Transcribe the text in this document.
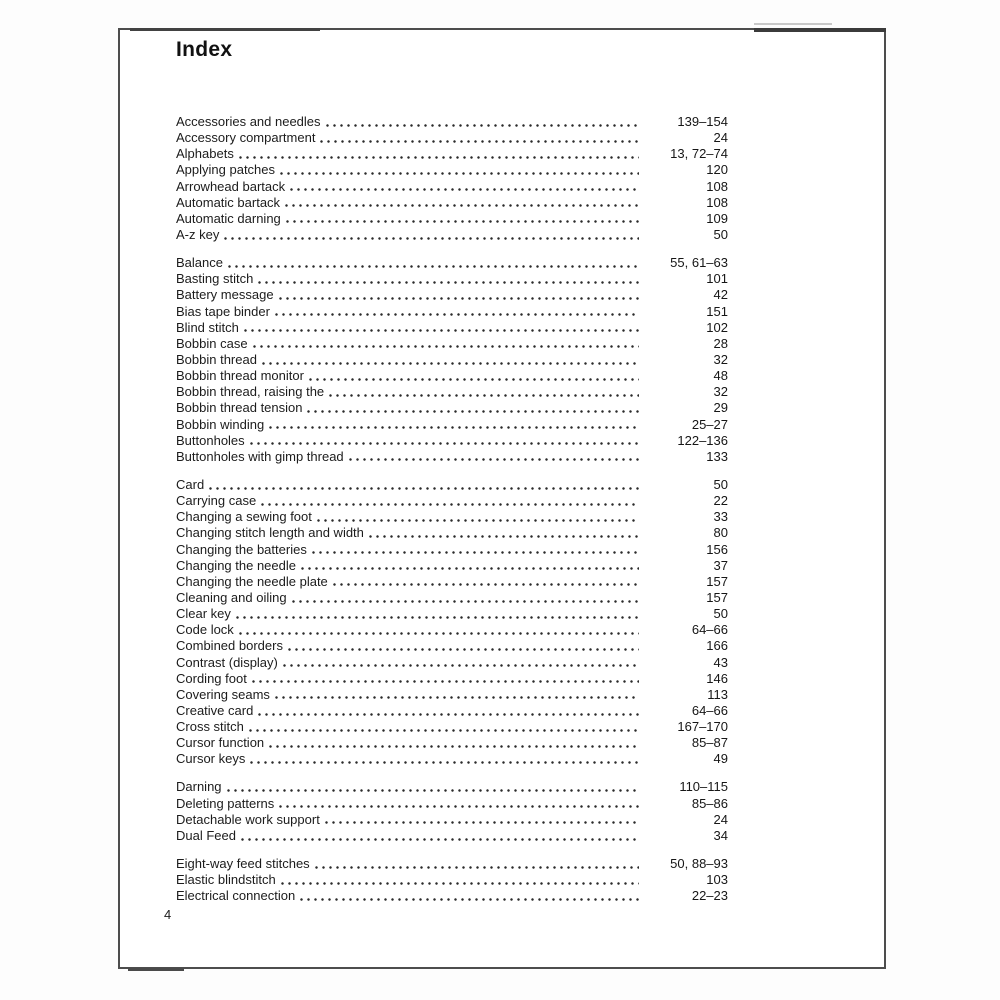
Index
Accessories and needles	139–154
Accessory compartment	24
Alphabets	13, 72–74
Applying patches	120
Arrowhead bartack	108
Automatic bartack	108
Automatic darning	109
A-z key	50
Balance	55, 61–63
Basting stitch	101
Battery message	42
Bias tape binder	151
Blind stitch	102
Bobbin case	28
Bobbin thread	32
Bobbin thread monitor	48
Bobbin thread, raising the	32
Bobbin thread tension	29
Bobbin winding	25–27
Buttonholes	122–136
Buttonholes with gimp thread	133
Card	50
Carrying case	22
Changing a sewing foot	33
Changing stitch length and width	80
Changing the batteries	156
Changing the needle	37
Changing the needle plate	157
Cleaning and oiling	157
Clear key	50
Code lock	64–66
Combined borders	166
Contrast (display)	43
Cording foot	146
Covering seams	113
Creative card	64–66
Cross stitch	167–170
Cursor function	85–87
Cursor keys	49
Darning	110–115
Deleting patterns	85–86
Detachable work support	24
Dual Feed	34
Eight-way feed stitches	50, 88–93
Elastic blindstitch	103
Electrical connection	22–23
4
